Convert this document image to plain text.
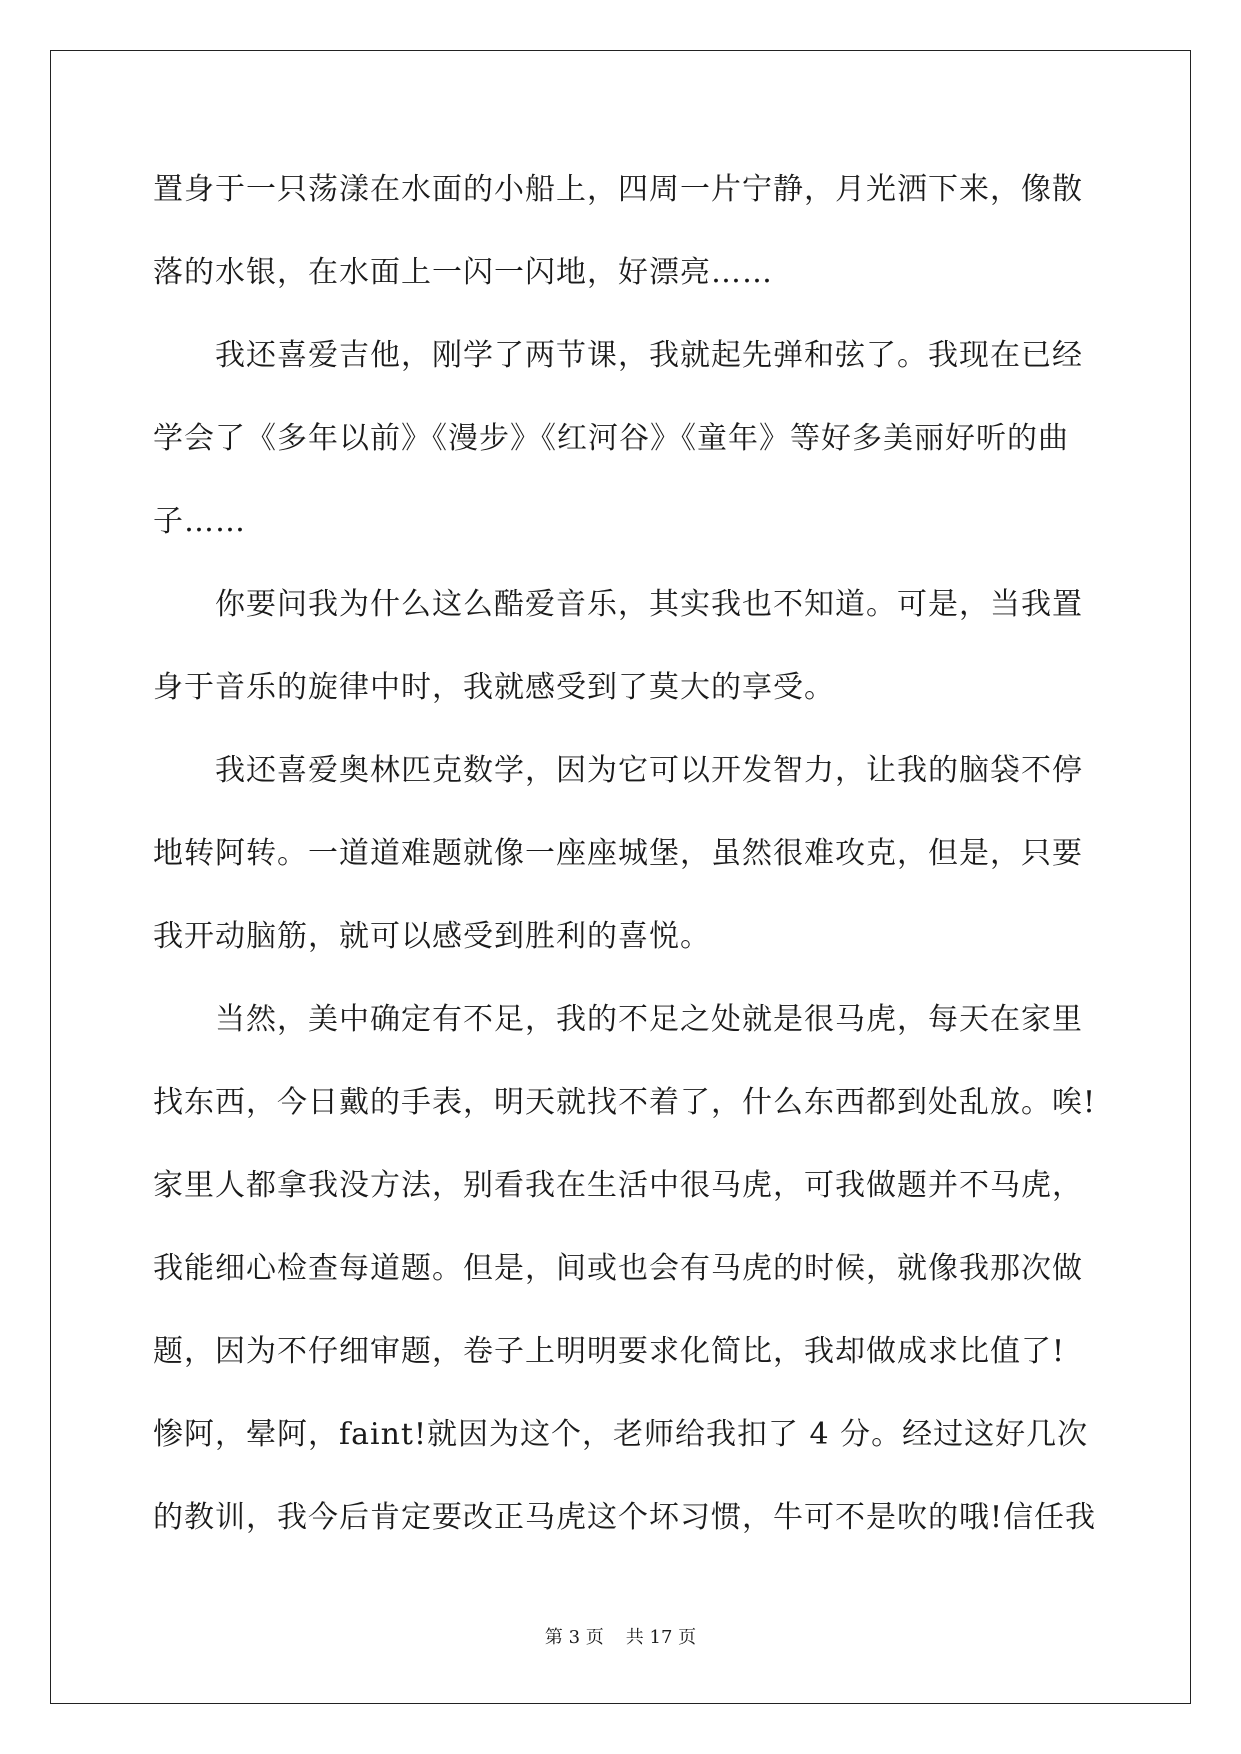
置身于一只荡漾在水面的小船上，四周一片宁静，月光洒下来，像散
落的水银，在水面上一闪一闪地，好漂亮……
　　我还喜爱吉他，刚学了两节课，我就起先弹和弦了。我现在已经
学会了《多年以前》《漫步》《红河谷》《童年》等好多美丽好听的曲
子……
　　你要问我为什么这么酷爱音乐，其实我也不知道。可是，当我置
身于音乐的旋律中时，我就感受到了莫大的享受。
　　我还喜爱奥林匹克数学，因为它可以开发智力，让我的脑袋不停
地转阿转。一道道难题就像一座座城堡，虽然很难攻克，但是，只要
我开动脑筋，就可以感受到胜利的喜悦。
　　当然，美中确定有不足，我的不足之处就是很马虎，每天在家里
找东西，今日戴的手表，明天就找不着了，什么东西都到处乱放。唉!
家里人都拿我没方法，别看我在生活中很马虎，可我做题并不马虎，
我能细心检查每道题。但是，间或也会有马虎的时候，就像我那次做
题，因为不仔细审题，卷子上明明要求化简比，我却做成求比值了!
惨阿，晕阿，faint!就因为这个，老师给我扣了 4 分。经过这好几次
的教训，我今后肯定要改正马虎这个坏习惯，牛可不是吹的哦!信任我
第 3 页 共 17 页
